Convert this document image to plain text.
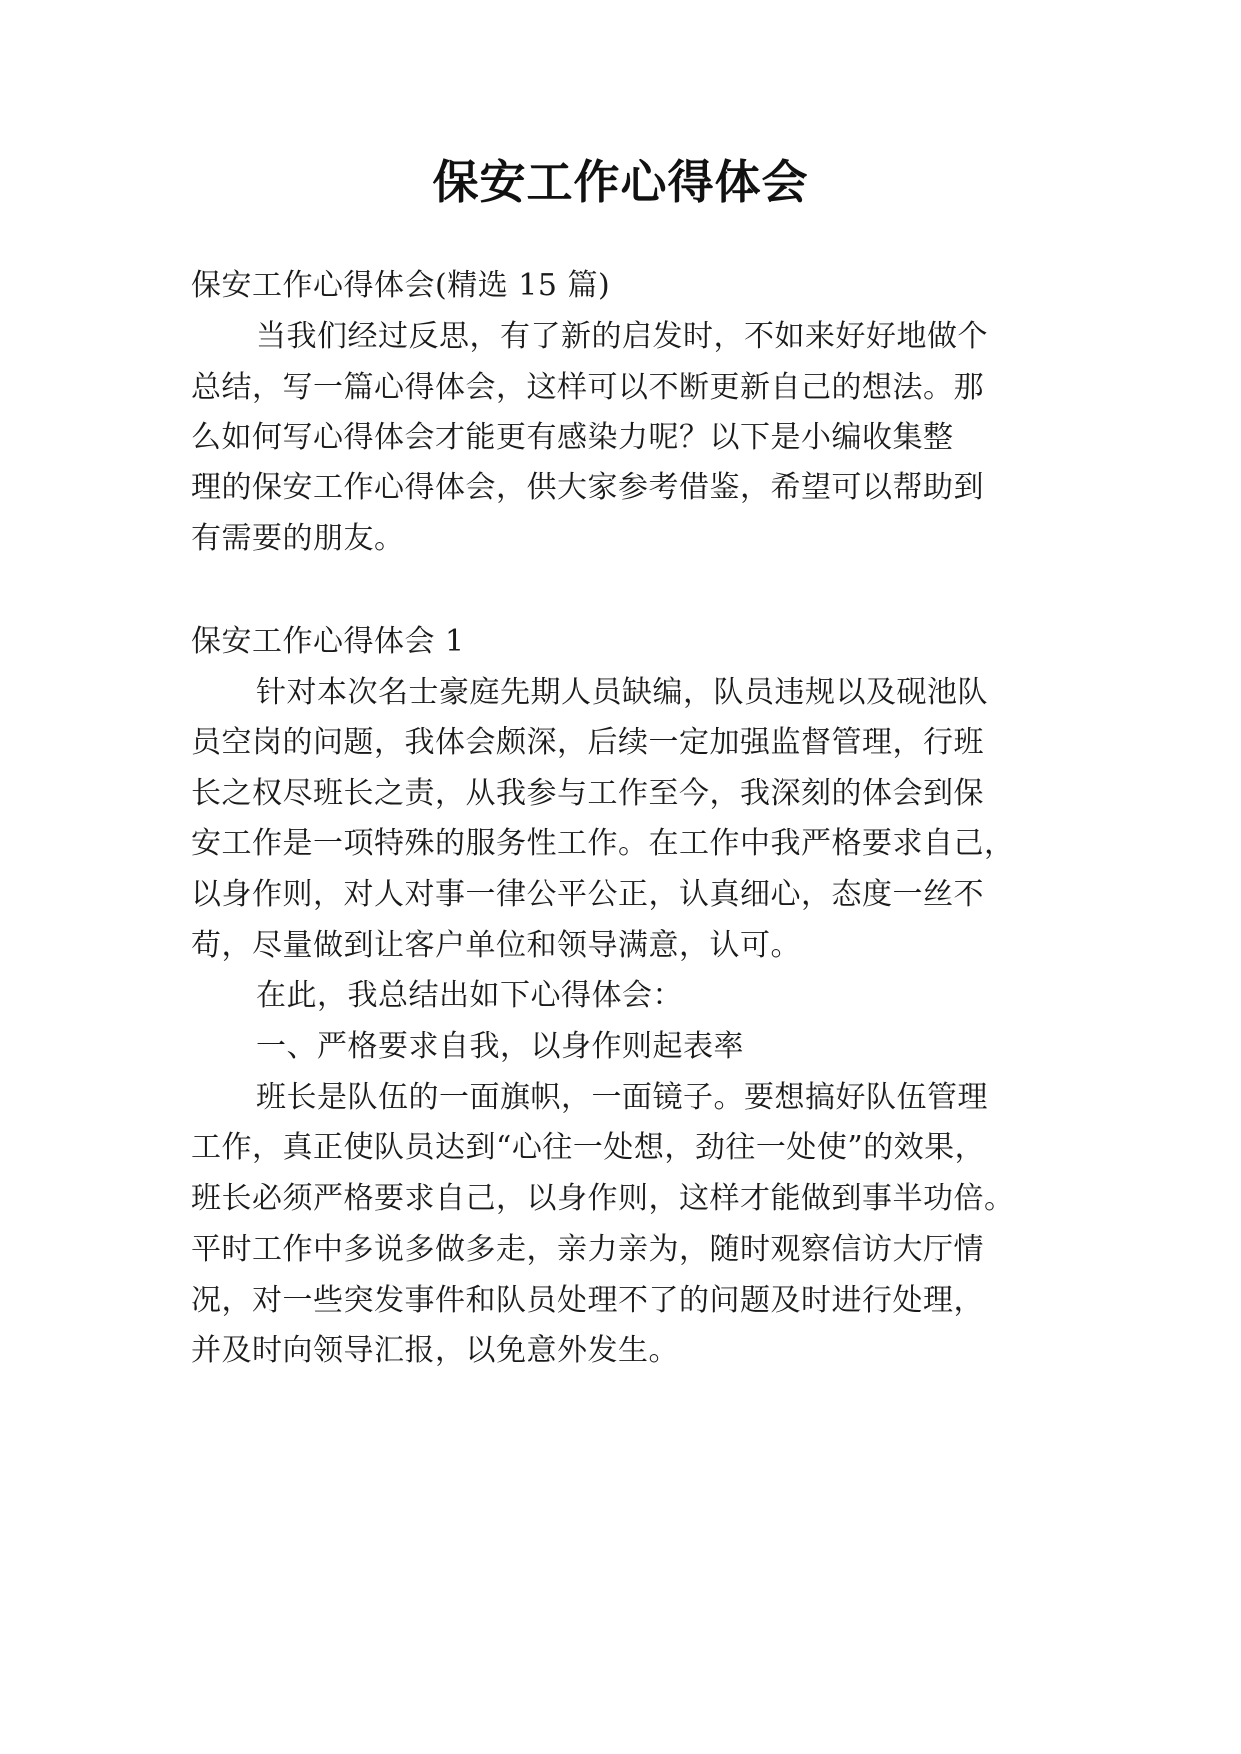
保安工作心得体会
保安工作心得体会(精选 15 篇)
当我们经过反思，有了新的启发时，不如来好好地做个
总结，写一篇心得体会，这样可以不断更新自己的想法。那
么如何写心得体会才能更有感染力呢？以下是小编收集整
理的保安工作心得体会，供大家参考借鉴，希望可以帮助到
有需要的朋友。
保安工作心得体会 1
针对本次名士豪庭先期人员缺编，队员违规以及砚池队
员空岗的问题，我体会颇深，后续一定加强监督管理，行班
长之权尽班长之责，从我参与工作至今，我深刻的体会到保
安工作是一项特殊的服务性工作。在工作中我严格要求自己，
以身作则，对人对事一律公平公正，认真细心，态度一丝不
苟，尽量做到让客户单位和领导满意，认可。
在此，我总结出如下心得体会：
一、严格要求自我，以身作则起表率
班长是队伍的一面旗帜，一面镜子。要想搞好队伍管理
工作，真正使队员达到“心往一处想，劲往一处使”的效果，
班长必须严格要求自己，以身作则，这样才能做到事半功倍。
平时工作中多说多做多走，亲力亲为，随时观察信访大厅情
况，对一些突发事件和队员处理不了的问题及时进行处理，
并及时向领导汇报，以免意外发生。
